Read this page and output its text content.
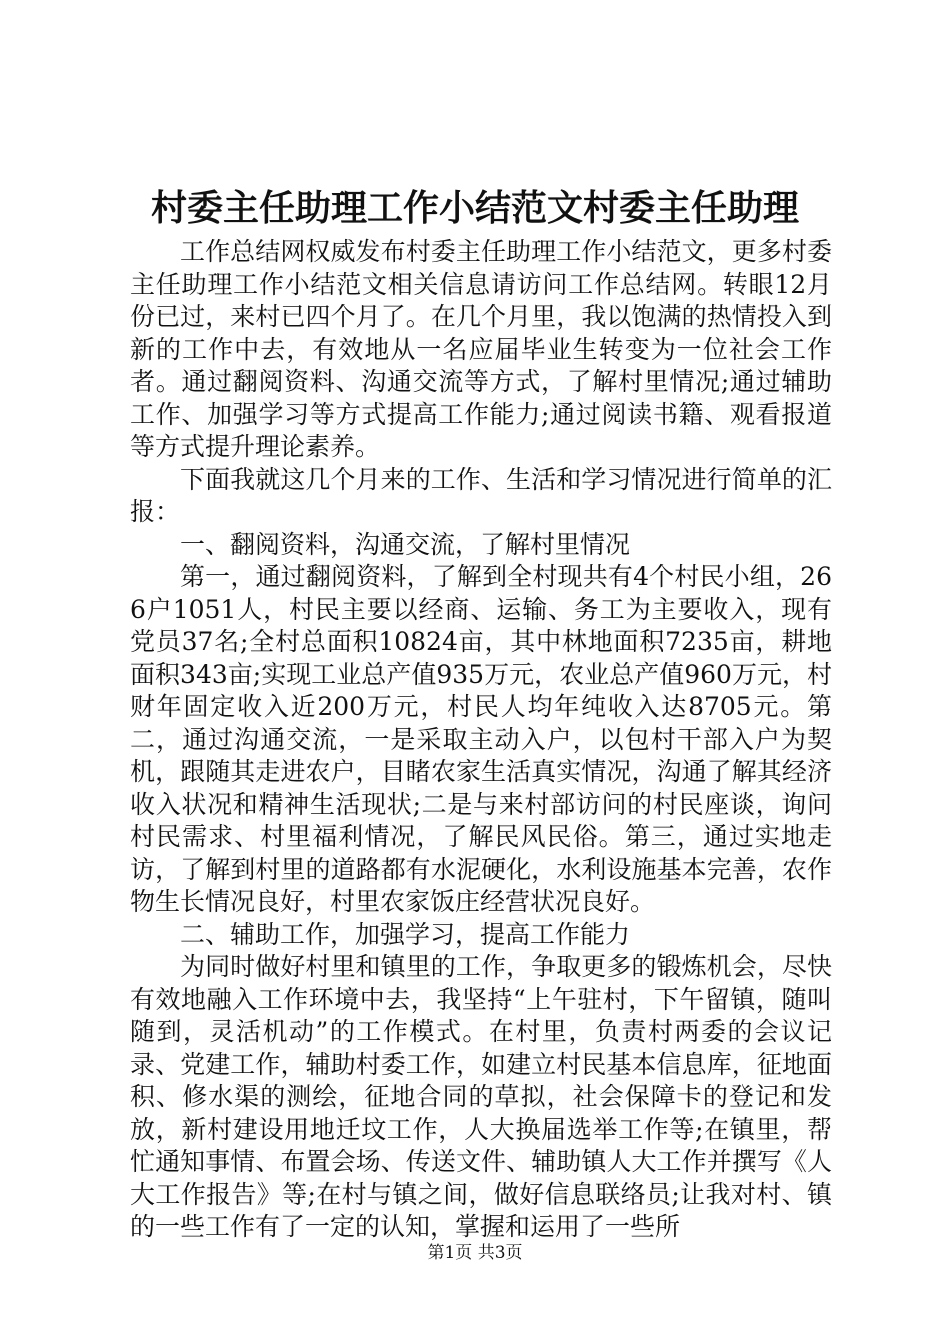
村委主任助理工作小结范文村委主任助理

工作总结网权威发布村委主任助理工作小结范文，更多村委主任助理工作小结范文相关信息请访问工作总结网。转眼12月份已过，来村已四个月了。在几个月里，我以饱满的热情投入到新的工作中去，有效地从一名应届毕业生转变为一位社会工作者。通过翻阅资料、沟通交流等方式，了解村里情况;通过辅助工作、加强学习等方式提高工作能力;通过阅读书籍、观看报道等方式提升理论素养。

下面我就这几个月来的工作、生活和学习情况进行简单的汇报：

一、翻阅资料，沟通交流，了解村里情况

第一，通过翻阅资料，了解到全村现共有4个村民小组，266户1051人，村民主要以经商、运输、务工为主要收入，现有党员37名;全村总面积10824亩，其中林地面积7235亩，耕地面积343亩;实现工业总产值935万元，农业总产值960万元，村财年固定收入近200万元，村民人均年纯收入达8705元。第二，通过沟通交流，一是采取主动入户，以包村干部入户为契机，跟随其走进农户，目睹农家生活真实情况，沟通了解其经济收入状况和精神生活现状;二是与来村部访问的村民座谈，询问村民需求、村里福利情况，了解民风民俗。第三，通过实地走访，了解到村里的道路都有水泥硬化，水利设施基本完善，农作物生长情况良好，村里农家饭庄经营状况良好。

二、辅助工作，加强学习，提高工作能力

为同时做好村里和镇里的工作，争取更多的锻炼机会，尽快有效地融入工作环境中去，我坚持“上午驻村，下午留镇，随叫随到，灵活机动”的工作模式。在村里，负责村两委的会议记录、党建工作，辅助村委工作，如建立村民基本信息库，征地面积、修水渠的测绘，征地合同的草拟，社会保障卡的登记和发放，新村建设用地迁坟工作，人大换届选举工作等;在镇里，帮忙通知事情、布置会场、传送文件、辅助镇人大工作并撰写《人大工作报告》等;在村与镇之间，做好信息联络员;让我对村、镇的一些工作有了一定的认知，掌握和运用了一些所

第1页 共3页
